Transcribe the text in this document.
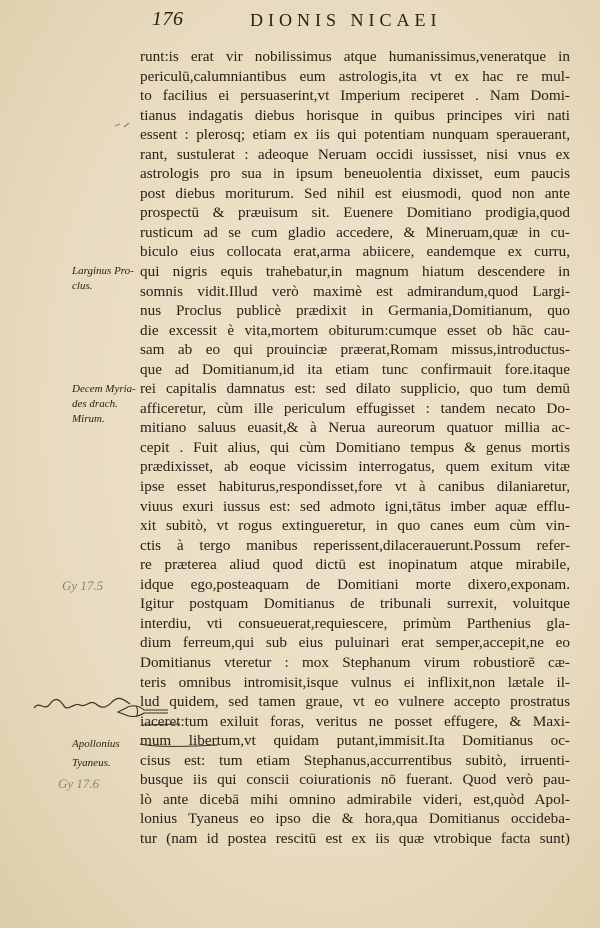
176	DIONIS NICAEI
runt:is erat vir nobilissimus atque humanissimus,veneratque in
periculū,calumniantibus eum astrologis,ita vt ex hac re mul-
to facilius ei persuaserint,vt Imperium reciperet . Nam Domi-
tianus indagatis diebus horisque in quibus principes viri nati
essent : plerosq; etiam ex iis qui potentiam nunquam sperauerant,
rant, sustulerat : adeoque Neruam occidi iussisset, nisi vnus ex
astrologis pro sua in ipsum beneuolentia dixisset, eum paucis
post diebus moriturum. Sed nihil est eiusmodi, quod non ante
prospectū & præuisum sit. Euenere Domitiano prodigia,quod
rusticum ad se cum gladio accedere, & Mineruam,quæ in cu-
biculo eius collocata erat,arma abiicere, eandemque ex curru,
qui nigris equis trahebatur,in magnum hiatum descendere in
somnis vidit.Illud verò maximè est admirandum,quod Largi-
nus Proclus publicè prædixit in Germania,Domitianum, quo
die excessit è vita,mortem obiturum:cumque esset ob hāc cau-
sam ab eo qui prouinciæ præerat,Romam missus,introductus-
que ad Domitianum,id ita etiam tunc confirmauit fore.itaque
rei capitalis damnatus est: sed dilato supplicio, quo tum demū
afficeretur, cùm ille periculum effugisset : tandem necato Do-
mitiano saluus euasit,& à Nerua aureorum quatuor millia ac-
cepit . Fuit alius, qui cùm Domitiano tempus & genus mortis
prædixisset, ab eoque vicissim interrogatus, quem exitum vitæ
ipse esset habiturus,respondisset,fore vt à canibus dilaniaretur,
viuus exuri iussus est: sed admoto igni,tātus imber aquæ efflu-
xit subitò, vt rogus extingueretur, in quo canes eum cùm vin-
ctis à tergo manibus reperissent,dilacerauerunt.Possum refer-
re præterea aliud quod dictū est inopinatum atque mirabile,
idque ego,posteaquam de Domitiani morte dixero,exponam.
Igitur postquam Domitianus de tribunali surrexit, voluitque
interdiu, vti consueuerat,requiescere, primùm Parthenius gla-
dium ferreum,qui sub eius puluinari erat semper,accepit,ne eo
Domitianus vteretur : mox Stephanum virum robustiorē cæ-
teris omnibus intromisit,isque vulnus ei inflixit,non lætale il-
lud quidem, sed tamen graue, vt eo vulnere accepto prostratus
iaceret:tum exiluit foras, veritus ne posset effugere, & Maxi-
mum libertum,vt quidam putant,immisit.Ita Domitianus oc-
cisus est: tum etiam Stephanus,accurrentibus subitò, irruenti-
busque iis qui conscii coiurationis nō fuerant. Quod verò pau-
lò ante dicebā mihi omnino admirabile videri, est,quòd Apol-
lonius Tyaneus eo ipso die & hora,qua Domitianus occideba-
tur (nam id postea rescitū est ex iis quæ vtrobique facta sunt)
Larginus Pro-
clus.
Decem Myria-
des drach.
Mirum.
Apollonius
Tyaneus.
Gy 17.5
Gy 17.6
